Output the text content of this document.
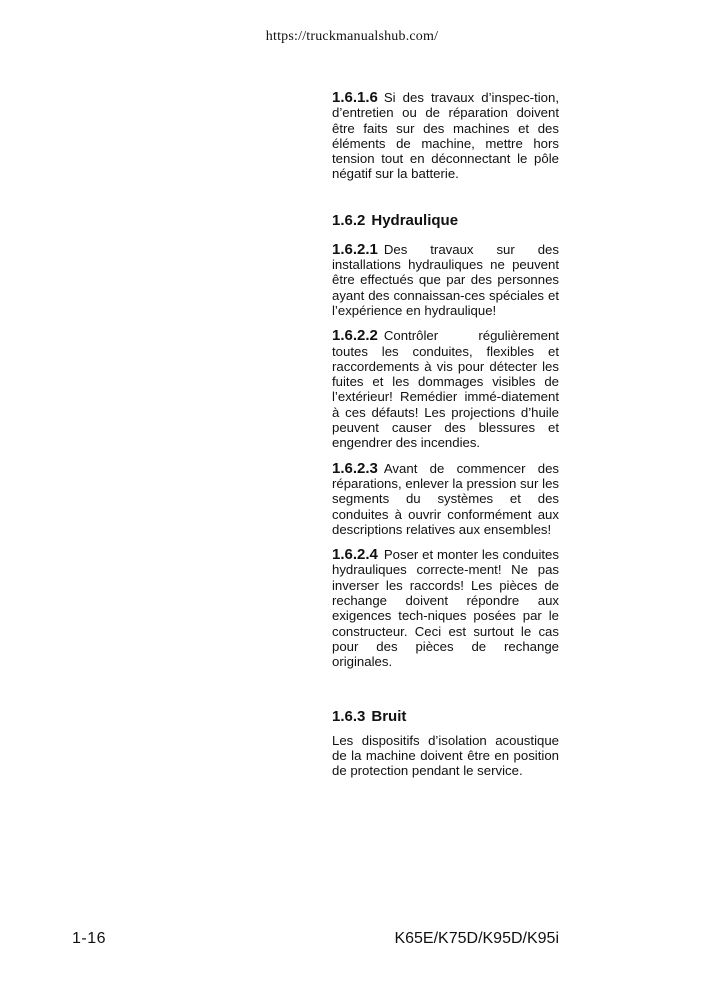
https://truckmanualshub.com/

1.6.1.6 Si des travaux d’inspec-tion, d’entretien ou de réparation doivent être faits sur des machines et des éléments de machine, mettre hors tension tout en déconnectant le pôle négatif sur la batterie.

1.6.2 Hydraulique

1.6.2.1 Des travaux sur des installations hydrauliques ne peuvent être effectués que par des personnes ayant des connaissan-ces spéciales et l’expérience en hydraulique!

1.6.2.2 Contrôler régulièrement toutes les conduites, flexibles et raccordements à vis pour détecter les fuites et les dommages visibles de l’extérieur! Remédier immé-diatement à ces défauts! Les projections d’huile peuvent causer des blessures et engendrer des incendies.

1.6.2.3 Avant de commencer des réparations, enlever la pression sur les segments du systèmes et des conduites à ouvrir conformément aux descriptions relatives aux ensembles!

1.6.2.4 Poser et monter les conduites hydrauliques correcte-ment! Ne pas inverser les raccords! Les pièces de rechange doivent répondre aux exigences tech-niques posées par le constructeur. Ceci est surtout le cas pour des pièces de rechange originales.

1.6.3 Bruit

Les dispositifs d’isolation acoustique de la machine doivent être en position de protection pendant le service.

1-16	K65E/K75D/K95D/K95i
